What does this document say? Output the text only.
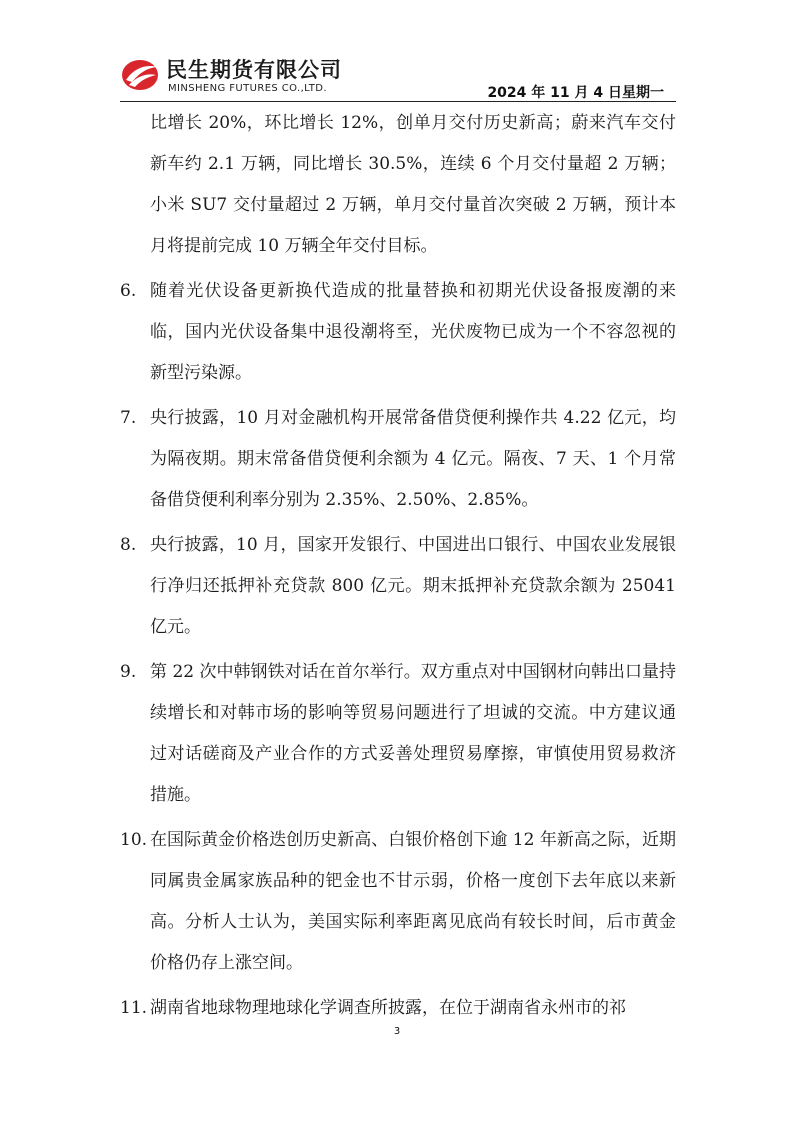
民生期货有限公司
MINSHENG FUTURES CO.,LTD.	2024 年 11 月 4 日星期一
比增长 20%，环比增长 12%，创单月交付历史新高；蔚来汽车交付新车约 2.1 万辆，同比增长 30.5%，连续 6 个月交付量超 2 万辆；小米 SU7 交付量超过 2 万辆，单月交付量首次突破 2 万辆，预计本月将提前完成 10 万辆全年交付目标。
6. 随着光伏设备更新换代造成的批量替换和初期光伏设备报废潮的来临，国内光伏设备集中退役潮将至，光伏废物已成为一个不容忽视的新型污染源。
7. 央行披露，10 月对金融机构开展常备借贷便利操作共 4.22 亿元，均为隔夜期。期末常备借贷便利余额为 4 亿元。隔夜、7 天、1 个月常备借贷便利利率分别为 2.35%、2.50%、2.85%。
8. 央行披露，10 月，国家开发银行、中国进出口银行、中国农业发展银行净归还抵押补充贷款 800 亿元。期末抵押补充贷款余额为 25041 亿元。
9. 第 22 次中韩钢铁对话在首尔举行。双方重点对中国钢材向韩出口量持续增长和对韩市场的影响等贸易问题进行了坦诚的交流。中方建议通过对话磋商及产业合作的方式妥善处理贸易摩擦，审慎使用贸易救济措施。
10. 在国际黄金价格迭创历史新高、白银价格创下逾 12 年新高之际，近期同属贵金属家族品种的钯金也不甘示弱，价格一度创下去年底以来新高。分析人士认为，美国实际利率距离见底尚有较长时间，后市黄金价格仍存上涨空间。
11. 湖南省地球物理地球化学调查所披露，在位于湖南省永州市的祁
3
